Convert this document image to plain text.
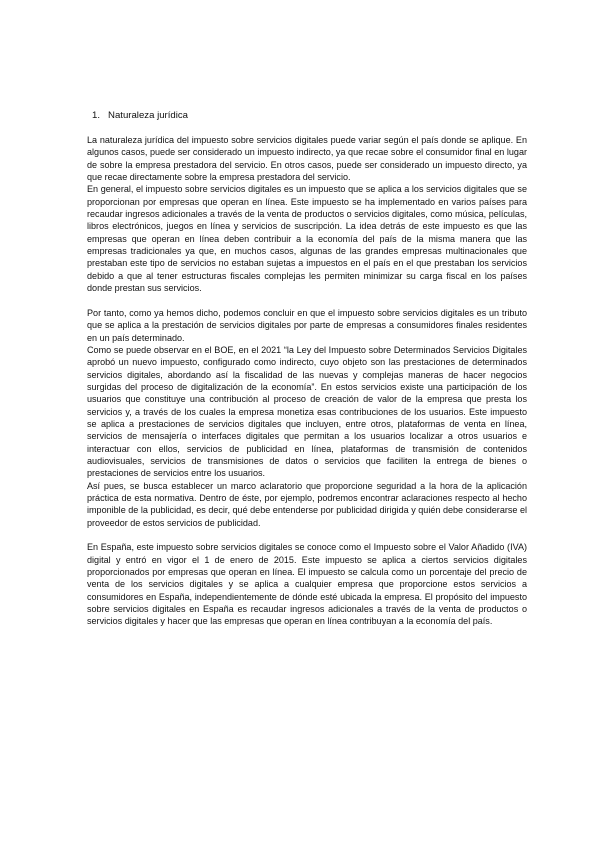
1. Naturaleza jurídica

La naturaleza jurídica del impuesto sobre servicios digitales puede variar según el país donde se aplique. En algunos casos, puede ser considerado un impuesto indirecto, ya que recae sobre el consumidor final en lugar de sobre la empresa prestadora del servicio. En otros casos, puede ser considerado un impuesto directo, ya que recae directamente sobre la empresa prestadora del servicio.

En general, el impuesto sobre servicios digitales es un impuesto que se aplica a los servicios digitales que se proporcionan por empresas que operan en línea. Este impuesto se ha implementado en varios países para recaudar ingresos adicionales a través de la venta de productos o servicios digitales, como música, películas, libros electrónicos, juegos en línea y servicios de suscripción. La idea detrás de este impuesto es que las empresas que operan en línea deben contribuir a la economía del país de la misma manera que las empresas tradicionales ya que, en muchos casos, algunas de las grandes empresas multinacionales que prestaban este tipo de servicios no estaban sujetas a impuestos en el país en el que prestaban los servicios debido a que al tener estructuras fiscales complejas les permiten minimizar su carga fiscal en los países donde prestan sus servicios.

Por tanto, como ya hemos dicho, podemos concluir en que el impuesto sobre servicios digitales es un tributo que se aplica a la prestación de servicios digitales por parte de empresas a consumidores finales residentes en un país determinado.

Como se puede observar en el BOE, en el 2021 “la Ley del Impuesto sobre Determinados Servicios Digitales aprobó un nuevo impuesto, configurado como indirecto, cuyo objeto son las prestaciones de determinados servicios digitales, abordando así la fiscalidad de las nuevas y complejas maneras de hacer negocios surgidas del proceso de digitalización de la economía”. En estos servicios existe una participación de los usuarios que constituye una contribución al proceso de creación de valor de la empresa que presta los servicios y, a través de los cuales la empresa monetiza esas contribuciones de los usuarios. Este impuesto se aplica a prestaciones de servicios digitales que incluyen, entre otros, plataformas de venta en línea, servicios de mensajería o interfaces digitales que permitan a los usuarios localizar a otros usuarios e interactuar con ellos, servicios de publicidad en línea, plataformas de transmisión de contenidos audiovisuales, servicios de transmisiones de datos o servicios que faciliten la entrega de bienes o prestaciones de servicios entre los usuarios.

Así pues, se busca establecer un marco aclaratorio que proporcione seguridad a la hora de la aplicación práctica de esta normativa. Dentro de éste, por ejemplo, podremos encontrar aclaraciones respecto al hecho imponible de la publicidad, es decir, qué debe entenderse por publicidad dirigida y quién debe considerarse el proveedor de estos servicios de publicidad.

En España, este impuesto sobre servicios digitales se conoce como el Impuesto sobre el Valor Añadido (IVA) digital y entró en vigor el 1 de enero de 2015. Este impuesto se aplica a ciertos servicios digitales proporcionados por empresas que operan en línea. El impuesto se calcula como un porcentaje del precio de venta de los servicios digitales y se aplica a cualquier empresa que proporcione estos servicios a consumidores en España, independientemente de dónde esté ubicada la empresa. El propósito del impuesto sobre servicios digitales en España es recaudar ingresos adicionales a través de la venta de productos o servicios digitales y hacer que las empresas que operan en línea contribuyan a la economía del país.
